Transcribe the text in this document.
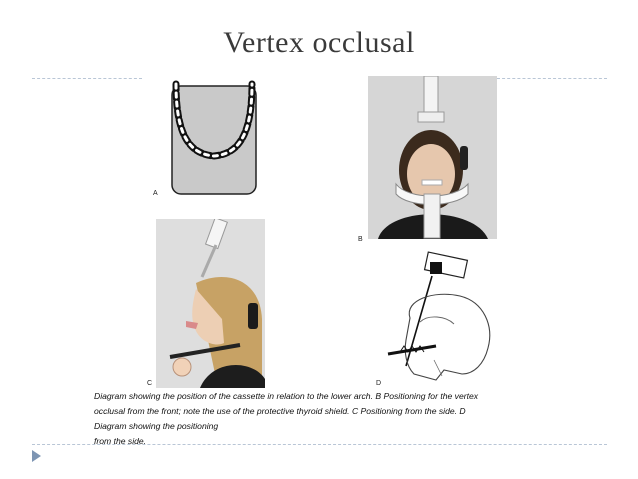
Vertex occlusal
A
B
C	D
Diagram showing the position of the cassette in relation to the lower arch. B Positioning for the vertex
occlusal from the front; note the use of the protective thyroid shield. C Positioning from the side. D
Diagram showing the positioning
from the side.
